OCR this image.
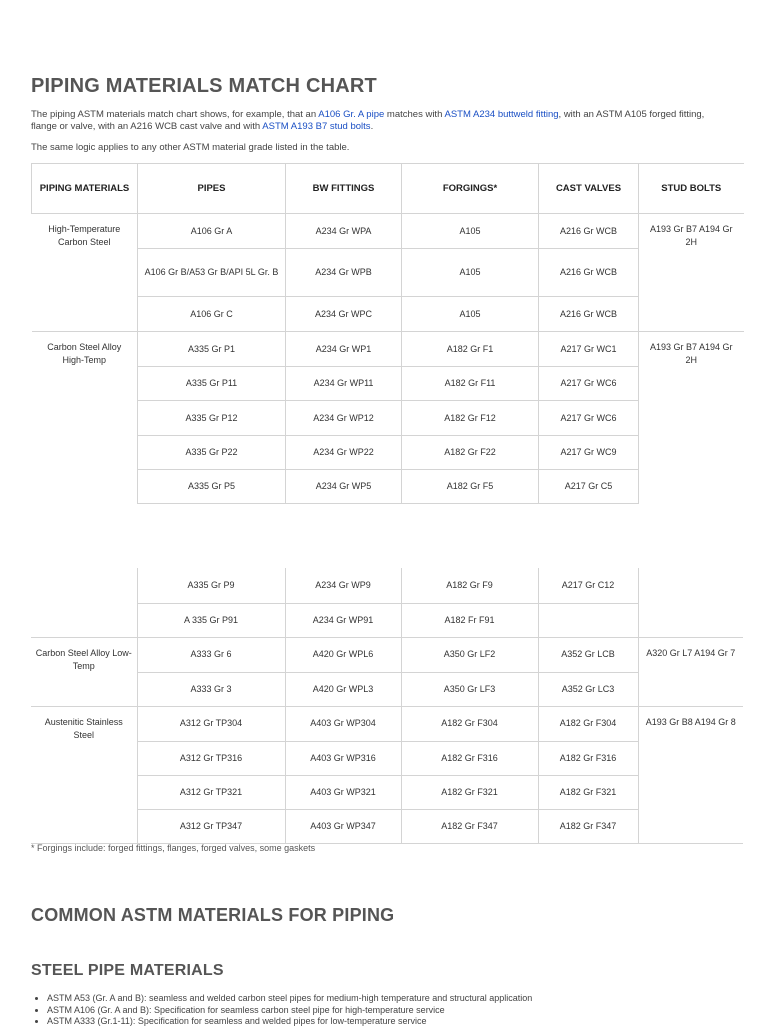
PIPING MATERIALS MATCH CHART

The piping ASTM materials match chart shows, for example, that an A106 Gr. A pipe matches with ASTM A234 buttweld fitting, with an ASTM A105 forged fitting, flange or valve, with an A216 WCB cast valve and with ASTM A193 B7 stud bolts.

The same logic applies to any other ASTM material grade listed in the table.

PIPING MATERIALS	PIPES	BW FITTINGS	FORGINGS*	CAST VALVES	STUD BOLTS
High-Temperature Carbon Steel	A106 Gr A	A234 Gr WPA	A105	A216 Gr WCB	A193 Gr B7 A194 Gr 2H
	A106 Gr B/A53 Gr B/API 5L Gr. B	A234 Gr WPB	A105	A216 Gr WCB	
	A106 Gr C	A234 Gr WPC	A105	A216 Gr WCB	
Carbon Steel Alloy High-Temp	A335 Gr P1	A234 Gr WP1	A182 Gr F1	A217 Gr WC1	A193 Gr B7 A194 Gr 2H
	A335 Gr P11	A234 Gr WP11	A182 Gr F11	A217 Gr WC6	
	A335 Gr P12	A234 Gr WP12	A182 Gr F12	A217 Gr WC6	
	A335 Gr P22	A234 Gr WP22	A182 Gr F22	A217 Gr WC9	
	A335 Gr P5	A234 Gr WP5	A182 Gr F5	A217 Gr C5	
	A335 Gr P9	A234 Gr WP9	A182 Gr F9	A217 Gr C12	
	A 335 Gr P91	A234 Gr WP91	A182 Fr F91		
Carbon Steel Alloy Low-Temp	A333 Gr 6	A420 Gr WPL6	A350 Gr LF2	A352 Gr LCB	A320 Gr L7 A194 Gr 7
	A333 Gr 3	A420 Gr WPL3	A350 Gr LF3	A352 Gr LC3	
Austenitic Stainless Steel	A312 Gr TP304	A403 Gr WP304	A182 Gr F304	A182 Gr F304	A193 Gr B8 A194 Gr 8
	A312 Gr TP316	A403 Gr WP316	A182 Gr F316	A182 Gr F316	
	A312 Gr TP321	A403 Gr WP321	A182 Gr F321	A182 Gr F321	
	A312 Gr TP347	A403 Gr WP347	A182 Gr F347	A182 Gr F347	

* Forgings include: forged fittings, flanges, forged valves, some gaskets

COMMON ASTM MATERIALS FOR PIPING
STEEL PIPE MATERIALS
• ASTM A53 (Gr. A and B): seamless and welded carbon steel pipes for medium-high temperature and structural application
• ASTM A106 (Gr. A and B): Specification for seamless carbon steel pipe for high-temperature service
• ASTM A333 (Gr.1-11): Specification for seamless and welded pipes for low-temperature service
